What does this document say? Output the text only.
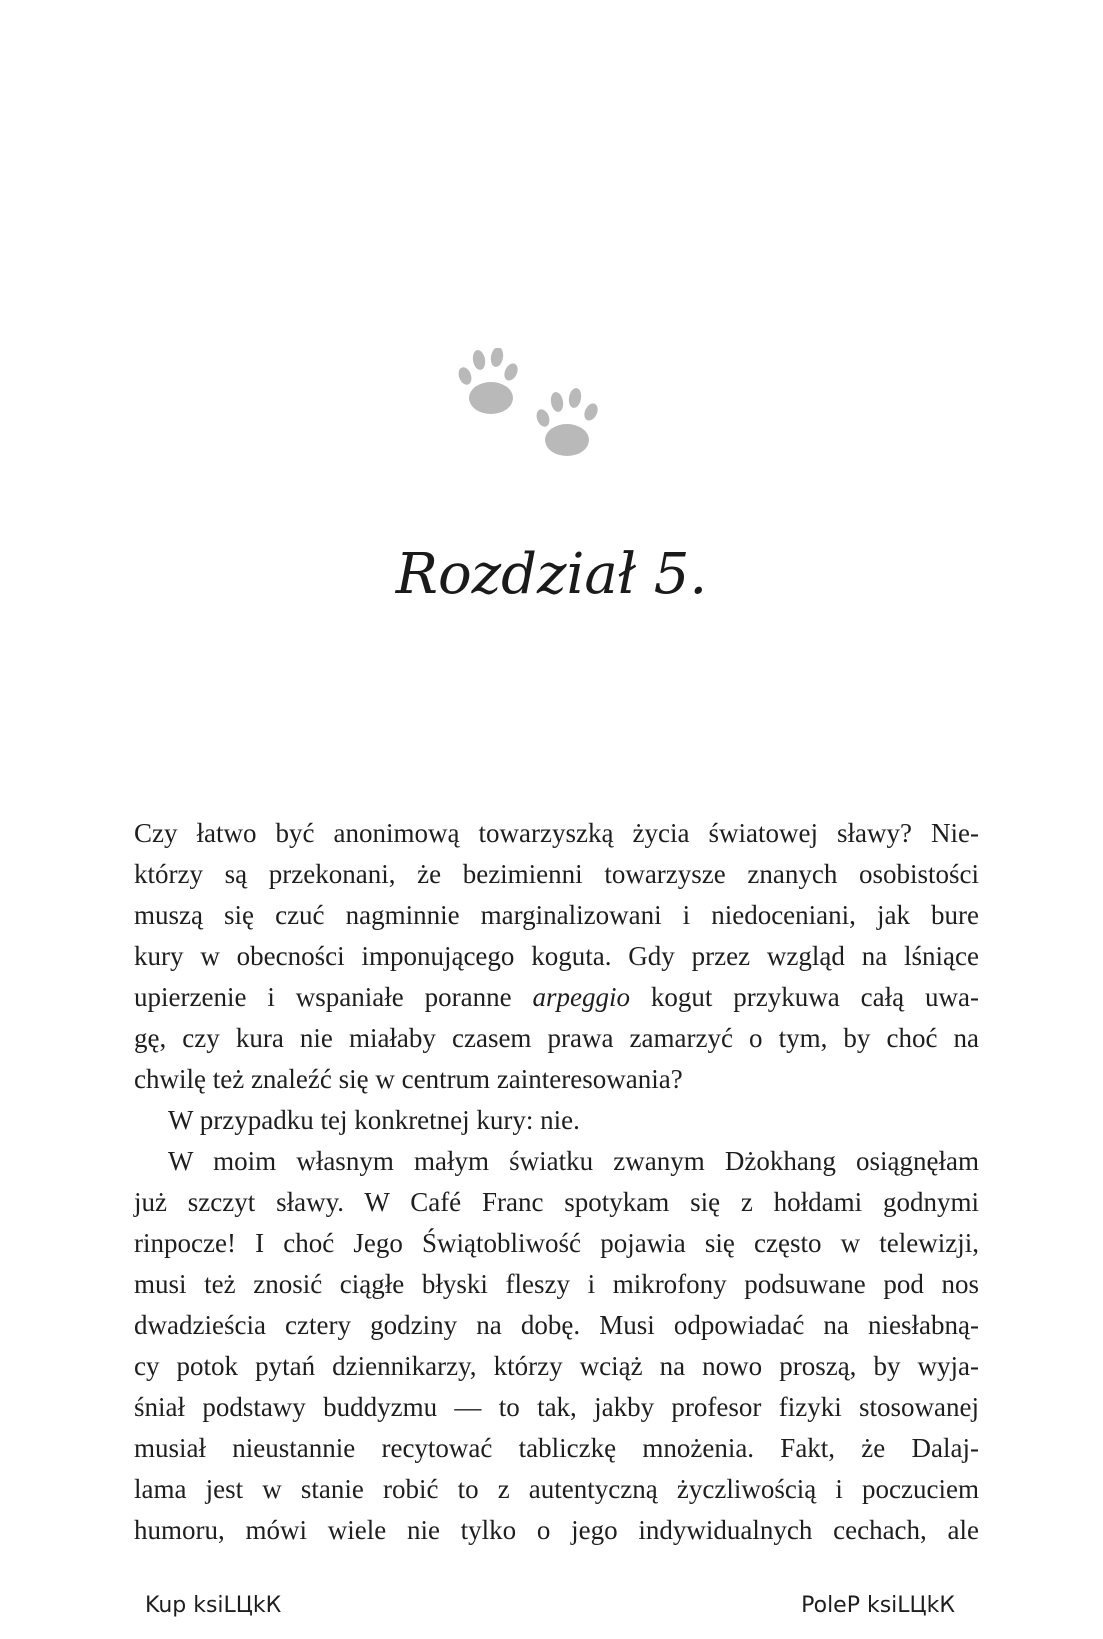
Rozdział 5.
Czy łatwo być anonimową towarzyszką życia światowej sławy? Nie-
którzy są przekonani, że bezimienni towarzysze znanych osobistości
muszą się czuć nagminnie marginalizowani i niedoceniani, jak bure
kury w obecności imponującego koguta. Gdy przez wzgląd na lśniące
upierzenie i wspaniałe poranne arpeggio kogut przykuwa całą uwa-
gę, czy kura nie miałaby czasem prawa zamarzyć o tym, by choć na
chwilę też znaleźć się w centrum zainteresowania?
W przypadku tej konkretnej kury: nie.
W moim własnym małym światku zwanym Dżokhang osiągnęłam
już szczyt sławy. W Café Franc spotykam się z hołdami godnymi
rinpocze! I choć Jego Świątobliwość pojawia się często w telewizji,
musi też znosić ciągłe błyski fleszy i mikrofony podsuwane pod nos
dwadzieścia cztery godziny na dobę. Musi odpowiadać na niesłabną-
cy potok pytań dziennikarzy, którzy wciąż na nowo proszą, by wyja-
śniał podstawy buddyzmu — to tak, jakby profesor fizyki stosowanej
musiał nieustannie recytować tabliczkę mnożenia. Fakt, że Dalaj-
lama jest w stanie robić to z autentyczną życzliwością i poczuciem
humoru, mówi wiele nie tylko o jego indywidualnych cechach, ale
Kup ksiLЦkК	PoleР ksiLЦkК
